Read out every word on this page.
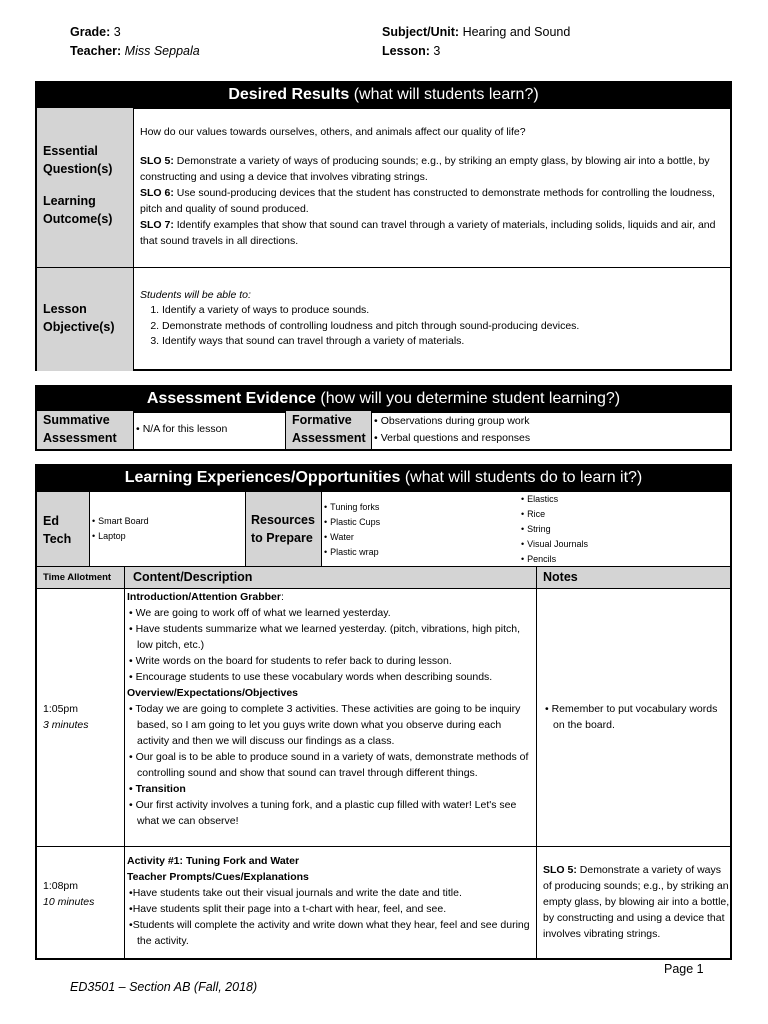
Grade: 3
Teacher: Miss Seppala
Subject/Unit: Hearing and Sound
Lesson: 3
Desired Results (what will students learn?)
Essential Question(s)
Learning Outcome(s)
How do our values towards ourselves, others, and animals affect our quality of life?
SLO 5: Demonstrate a variety of ways of producing sounds; e.g., by striking an empty glass, by blowing air into a bottle, by constructing and using a device that involves vibrating strings.
SLO 6: Use sound-producing devices that the student has constructed to demonstrate methods for controlling the loudness, pitch and quality of sound produced.
SLO 7: Identify examples that show that sound can travel through a variety of materials, including solids, liquids and air, and that sound travels in all directions.
Lesson Objective(s)
Students will be able to:
1. Identify a variety of ways to produce sounds.
2. Demonstrate methods of controlling loudness and pitch through sound-producing devices.
3. Identify ways that sound can travel through a variety of materials.
Assessment Evidence (how will you determine student learning?)
Summative Assessment
• N/A for this lesson
Formative Assessment
• Observations during group work
• Verbal questions and responses
Learning Experiences/Opportunities (what will students do to learn it?)
Ed Tech
• Smart Board
• Laptop
Resources to Prepare
• Tuning forks
• Plastic Cups
• Water
• Plastic wrap
• Elastics
• Rice
• String
• Visual Journals
• Pencils
Time Allotment	Content/Description	Notes
1:05pm
3 minutes
Introduction/Attention Grabber:
• We are going to work off of what we learned yesterday.
• Have students summarize what we learned yesterday. (pitch, vibrations, high pitch, low pitch, etc.)
• Write words on the board for students to refer back to during lesson.
• Encourage students to use these vocabulary words when describing sounds.
Overview/Expectations/Objectives
• Today we are going to complete 3 activities. These activities are going to be inquiry based, so I am going to let you guys write down what you observe during each activity and then we will discuss our findings as a class.
• Our goal is to be able to produce sound in a variety of wats, demonstrate methods of controlling sound and show that sound can travel through different things.
• Transition
• Our first activity involves a tuning fork, and a plastic cup filled with water! Let's see what we can observe!
• Remember to put vocabulary words on the board.
1:08pm
10 minutes
Activity #1: Tuning Fork and Water
Teacher Prompts/Cues/Explanations
•Have students take out their visual journals and write the date and title.
•Have students split their page into a t-chart with hear, feel, and see.
•Students will complete the activity and write down what they hear, feel and see during the activity.
SLO 5: Demonstrate a variety of ways of producing sounds; e.g., by striking an empty glass, by blowing air into a bottle, by constructing and using a device that involves vibrating strings.
Page 1
ED3501 – Section AB (Fall, 2018)
